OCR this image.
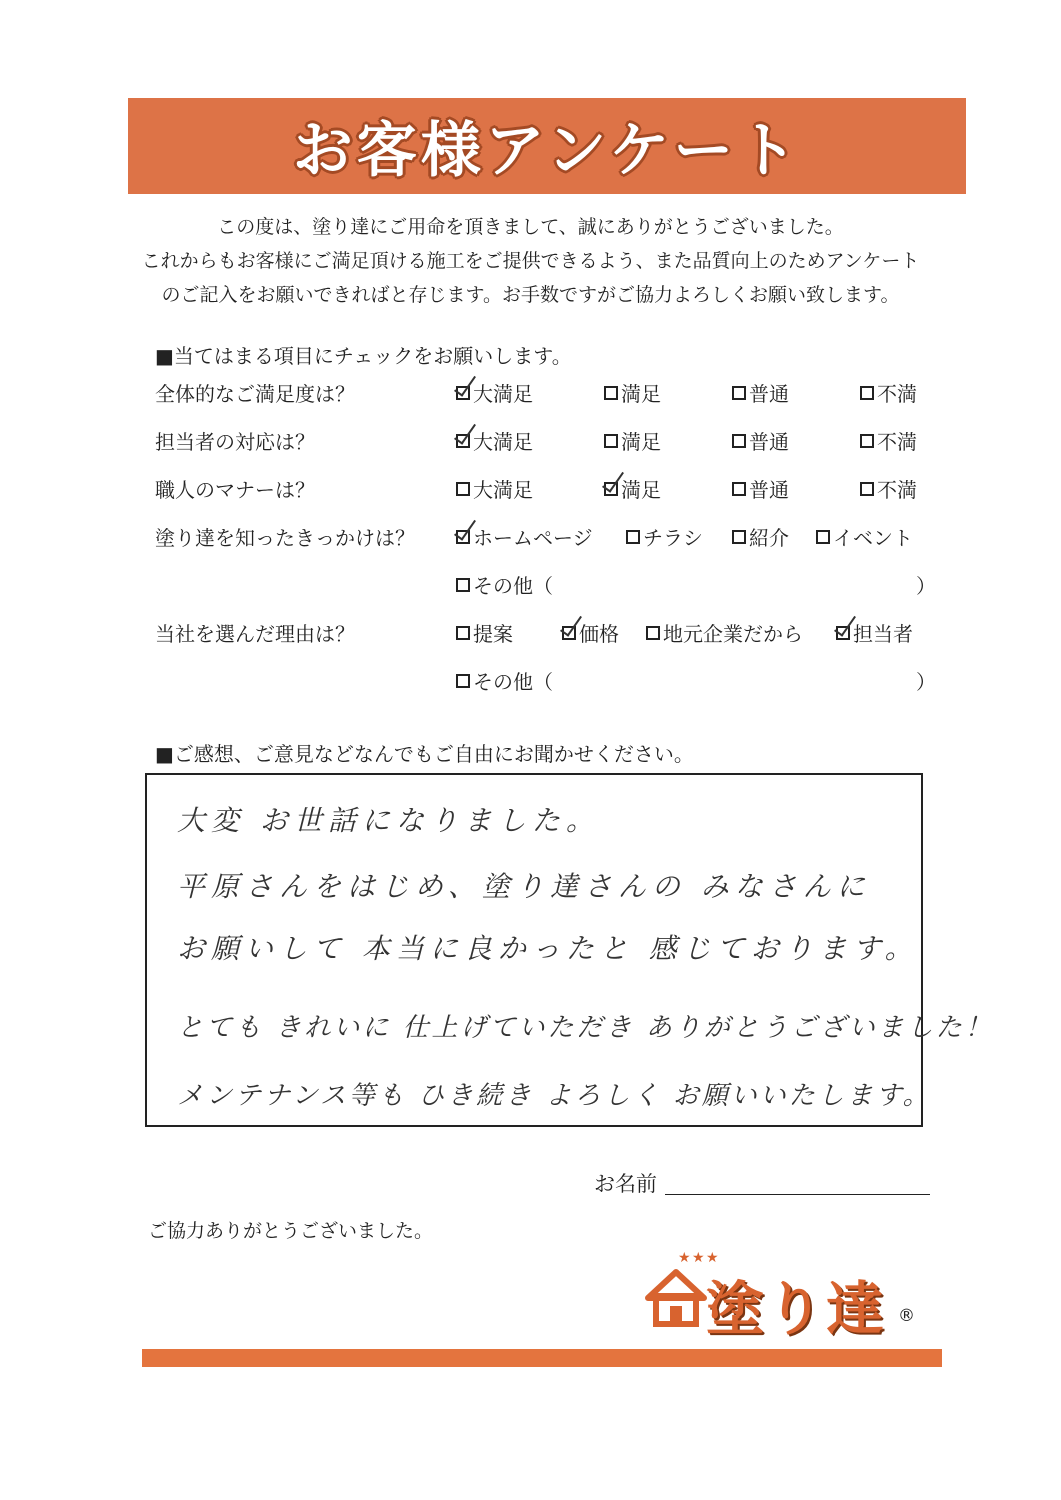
お客様アンケート
この度は、塗り達にご用命を頂きまして、誠にありがとうございました。
これからもお客様にご満足頂ける施工をご提供できるよう、また品質向上のためアンケート
のご記入をお願いできればと存じます。お手数ですがご協力よろしくお願い致します。
■当てはまる項目にチェックをお願いします。
全体的なご満足度は？	大満足	満足	普通	不満
担当者の対応は？	大満足	満足	普通	不満
職人のマナーは？	大満足	満足	普通	不満
塗り達を知ったきっかけは？	ホームページ	チラシ 紹介 イベント
その他（	）
当社を選んだ理由は？	提案	価格 地元企業だから	担当者
その他（	）
■ご感想、ご意見などなんでもご自由にお聞かせください。
大変 お世話になりました。
平原さんをはじめ、塗り達さんの みなさんに
お願いして 本当に良かったと 感じております。
とても きれいに 仕上げていただき ありがとうございました！
メンテナンス等も ひき続き よろしく お願いいたします。
お名前
ご協力ありがとうございました。
★ ★ ★
塗り達 ®
